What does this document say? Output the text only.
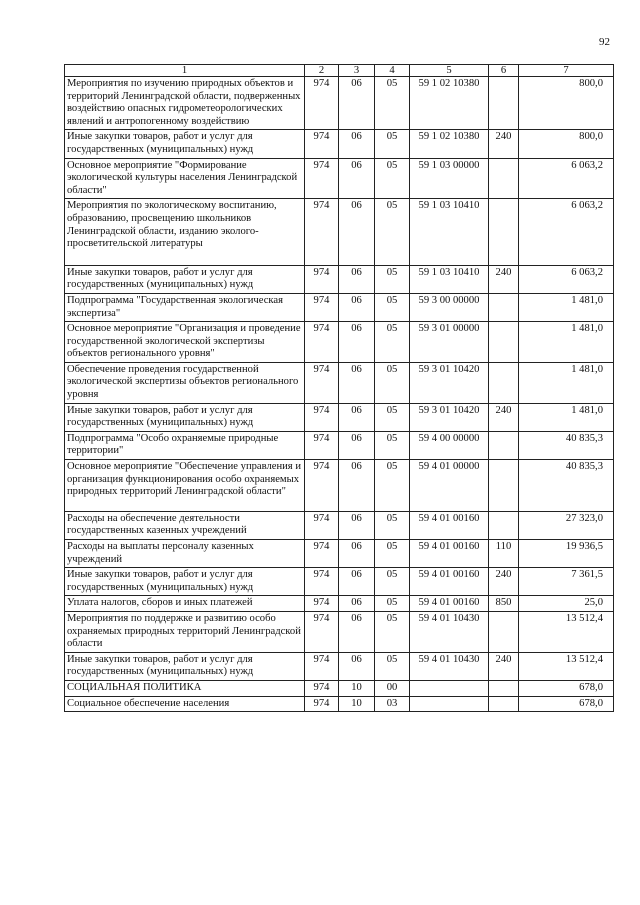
92
1	2	3	4	5	6	7
Мероприятия по изучению природных объектов и территорий Ленинградской области, подверженных воздействию опасных гидрометеорологических явлений и антропогенному воздействию	974	06	05	59 1 02 10380		800,0
Иные закупки товаров, работ и услуг для государственных (муниципальных) нужд	974	06	05	59 1 02 10380	240	800,0
Основное мероприятие "Формирование экологической культуры населения Ленинградской области"	974	06	05	59 1 03 00000		6 063,2
Мероприятия по экологическому воспитанию, образованию, просвещению школьников Ленинградской области, изданию эколого-просветительской литературы	974	06	05	59 1 03 10410		6 063,2
Иные закупки товаров, работ и услуг для государственных (муниципальных) нужд	974	06	05	59 1 03 10410	240	6 063,2
Подпрограмма "Государственная экологическая экспертиза"	974	06	05	59 3 00 00000		1 481,0
Основное мероприятие "Организация и проведение государственной экологической экспертизы объектов регионального уровня"	974	06	05	59 3 01 00000		1 481,0
Обеспечение проведения государственной экологической экспертизы объектов регионального уровня	974	06	05	59 3 01 10420		1 481,0
Иные закупки товаров, работ и услуг для государственных (муниципальных) нужд	974	06	05	59 3 01 10420	240	1 481,0
Подпрограмма "Особо охраняемые природные территории"	974	06	05	59 4 00 00000		40 835,3
Основное мероприятие "Обеспечение управления и организация функционирования особо охраняемых природных территорий Ленинградской области"	974	06	05	59 4 01 00000		40 835,3
Расходы на обеспечение деятельности государственных казенных учреждений	974	06	05	59 4 01 00160		27 323,0
Расходы на выплаты персоналу казенных учреждений	974	06	05	59 4 01 00160	110	19 936,5
Иные закупки товаров, работ и услуг для государственных (муниципальных) нужд	974	06	05	59 4 01 00160	240	7 361,5
Уплата налогов, сборов и иных платежей	974	06	05	59 4 01 00160	850	25,0
Мероприятия по поддержке и развитию особо охраняемых природных территорий Ленинградской области	974	06	05	59 4 01 10430		13 512,4
Иные закупки товаров, работ и услуг для государственных (муниципальных) нужд	974	06	05	59 4 01 10430	240	13 512,4
СОЦИАЛЬНАЯ ПОЛИТИКА	974	10	00			678,0
Социальное обеспечение населения	974	10	03			678,0
